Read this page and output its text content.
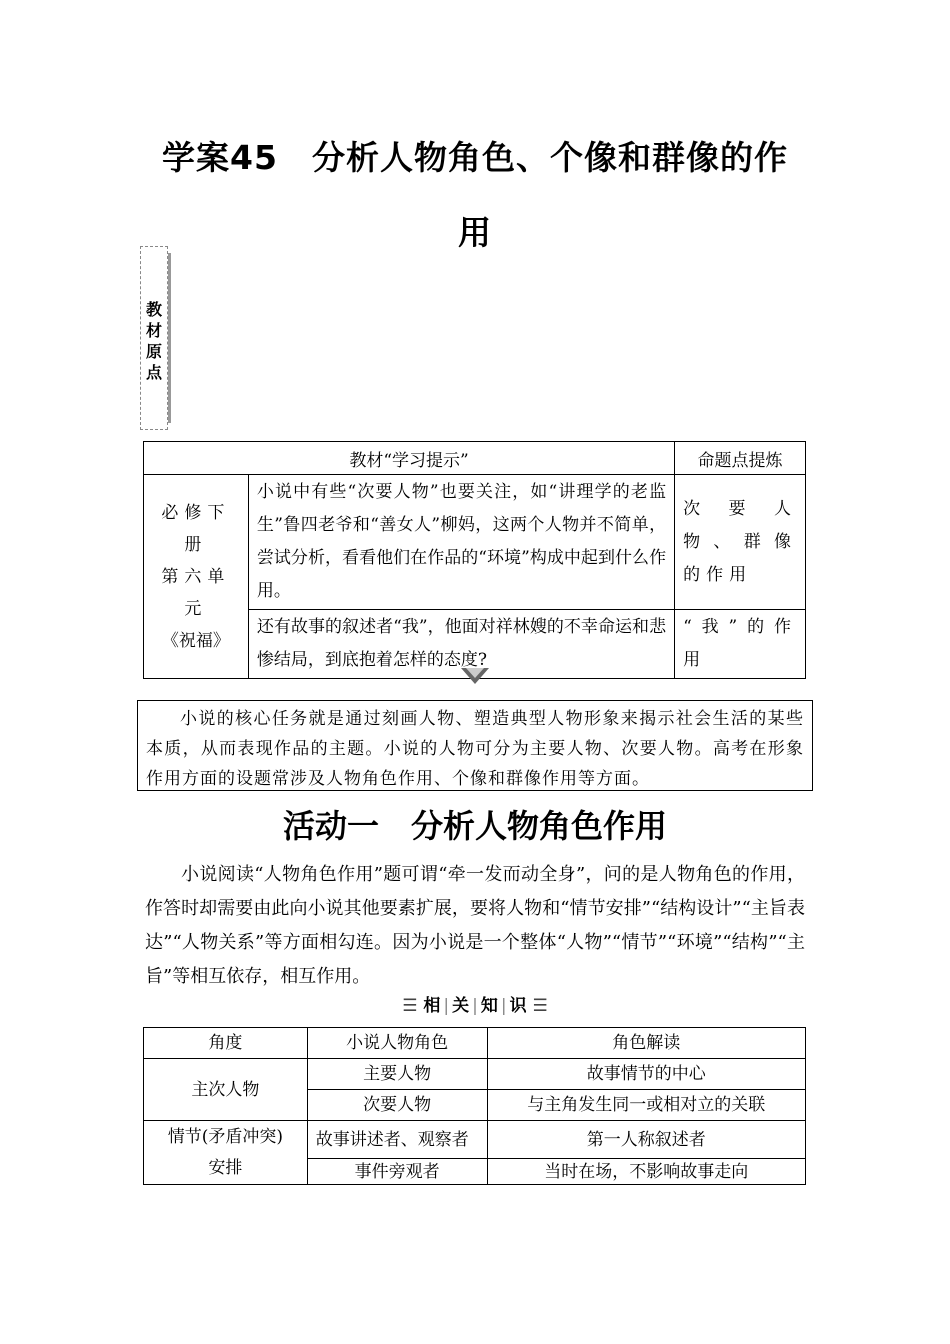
学案45　分析人物角色、个像和群像的作
用
教
材
原
点
教材“学习提示”		命题点提炼

必修下册
第六单元
《祝福》	小说中有些“次要人物”也要关注，如“讲理学的老监生”鲁四老爷和“善女人”柳妈，这两个人物并不简单，尝试分析，看看他们在作品的“环境”构成中起到什么作用。	次要人物、群像的作用
	还有故事的叙述者“我”，他面对祥林嫂的不幸命运和悲惨结局，到底抱着怎样的态度?	“我”的作用
小说的核心任务就是通过刻画人物、塑造典型人物形象来揭示社会生活的某些本质，从而表现作品的主题。小说的人物可分为主要人物、次要人物。高考在形象作用方面的设题常涉及人物角色作用、个像和群像作用等方面。
活动一　分析人物角色作用
小说阅读“人物角色作用”题可谓“牵一发而动全身”，问的是人物角色的作用，作答时却需要由此向小说其他要素扩展，要将人物和“情节安排”“结构设计”“主旨表达”“人物关系”等方面相勾连。因为小说是一个整体“人物”“情节”“环境”“结构”“主旨”等相互依存，相互作用。
☰ 相 | 关 | 知 | 识 ☰
角度	小说人物角色	角色解读
主次人物	主要人物	故事情节的中心
	次要人物	与主角发生同一或相对立的关联

情节(矛盾冲突)
安排	故事讲述者、观察者	第一人称叙述者
	事件旁观者	当时在场，不影响故事走向
